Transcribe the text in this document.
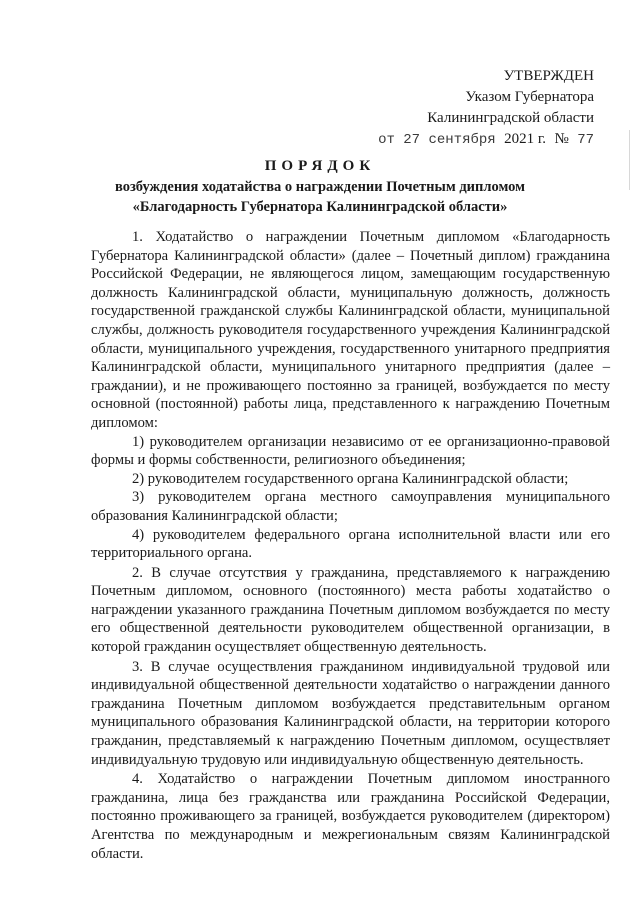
УТВЕРЖДЕН
Указом Губернатора
Калининградской области
от 27 сентября 2021 г. № 77
ПОРЯДОК
возбуждения ходатайства о награждении Почетным дипломом
«Благодарность Губернатора Калининградской области»

1. Ходатайство о награждении Почетным дипломом «Благодарность Губернатора Калининградской области» (далее – Почетный диплом) гражданина Российской Федерации, не являющегося лицом, замещающим государственную должность Калининградской области, муниципальную должность, должность государственной гражданской службы Калининградской области, муниципальной службы, должность руководителя государственного учреждения Калининградской области, муниципального учреждения, государственного унитарного предприятия Калининградской области, муниципального унитарного предприятия (далее – граждании), и не проживающего постоянно за границей, возбуждается по месту основной (постоянной) работы лица, представленного к награждению Почетным дипломом:

1) руководителем организации независимо от ее организационно-правовой формы и формы собственности, религиозного объединения;

2) руководителем государственного органа Калининградской области;

3) руководителем органа местного самоуправления муниципального образования Калининградской области;

4) руководителем федерального органа исполнительной власти или его территориального органа.

2. В случае отсутствия у гражданина, представляемого к награждению Почетным дипломом, основного (постоянного) места работы ходатайство о награждении указанного гражданина Почетным дипломом возбуждается по месту его общественной деятельности руководителем общественной организации, в которой гражданин осуществляет общественную деятельность.

3. В случае осуществления гражданином индивидуальной трудовой или индивидуальной общественной деятельности ходатайство о награждении данного гражданина Почетным дипломом возбуждается представительным органом муниципального образования Калининградской области, на территории которого гражданин, представляемый к награждению Почетным дипломом, осуществляет индивидуальную трудовую или индивидуальную общественную деятельность.

4. Ходатайство о награждении Почетным дипломом иностранного гражданина, лица без гражданства или гражданина Российской Федерации, постоянно проживающего за границей, возбуждается руководителем (директором) Агентства по международным и межрегиональным связям Калининградской области.
